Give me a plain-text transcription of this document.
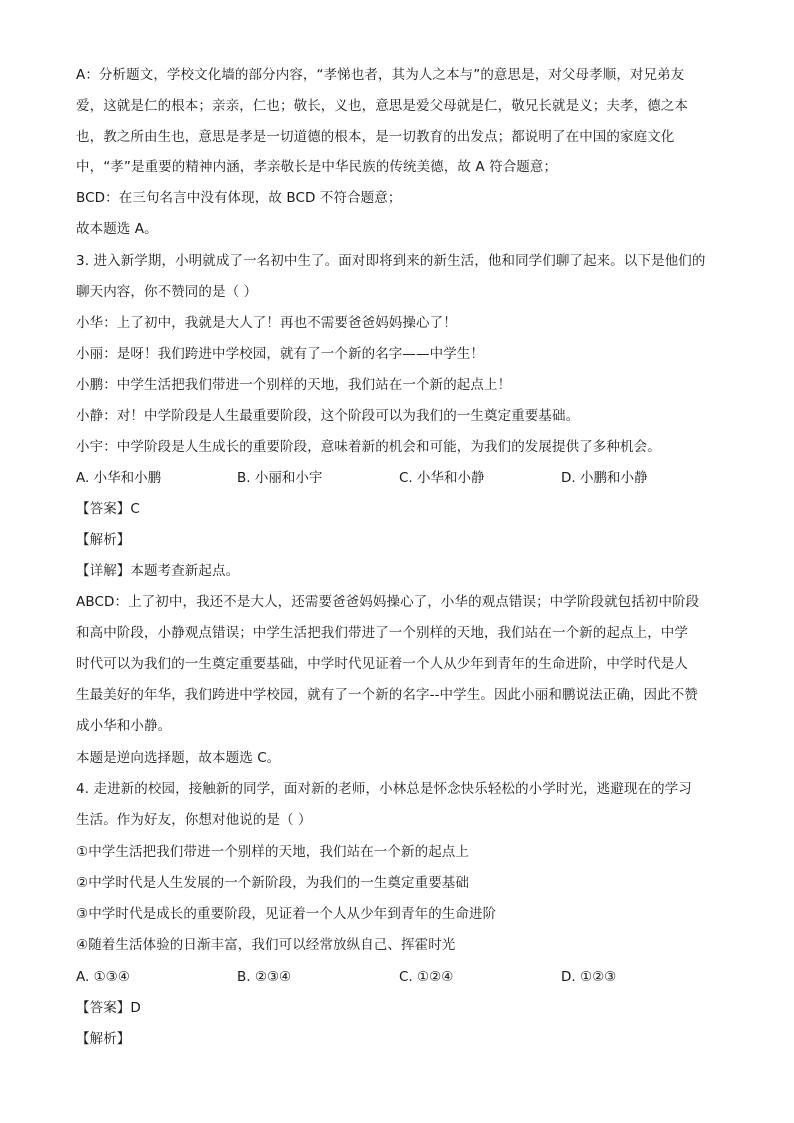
A：分析题文，学校文化墙的部分内容，“孝悌也者，其为人之本与”的意思是，对父母孝顺，对兄弟友
爱，这就是仁的根本；亲亲，仁也；敬长，义也，意思是爱父母就是仁，敬兄长就是义；夫孝，德之本
也，教之所由生也，意思是孝是一切道德的根本，是一切教育的出发点；都说明了在中国的家庭文化
中，“孝”是重要的精神内涵，孝亲敬长是中华民族的传统美德，故 A 符合题意；
BCD：在三句名言中没有体现，故 BCD 不符合题意；
故本题选 A。
3. 进入新学期，小明就成了一名初中生了。面对即将到来的新生活，他和同学们聊了起来。以下是他们的
聊天内容，你不赞同的是（ ）
小华：上了初中，我就是大人了！再也不需要爸爸妈妈操心了！
小丽：是呀！我们跨进中学校园，就有了一个新的名字——中学生！
小鹏：中学生活把我们带进一个别样的天地，我们站在一个新的起点上！
小静：对！中学阶段是人生最重要阶段，这个阶段可以为我们的一生奠定重要基础。
小宇：中学阶段是人生成长的重要阶段，意味着新的机会和可能，为我们的发展提供了多种机会。
A. 小华和小鹏	B. 小丽和小宇	C. 小华和小静	D. 小鹏和小静
【答案】C
【解析】
【详解】本题考查新起点。
ABCD：上了初中，我还不是大人，还需要爸爸妈妈操心了，小华的观点错误；中学阶段就包括初中阶段
和高中阶段，小静观点错误；中学生活把我们带进了一个别样的天地，我们站在一个新的起点上，中学
时代可以为我们的一生奠定重要基础，中学时代见证着一个人从少年到青年的生命进阶，中学时代是人
生最美好的年华，我们跨进中学校园，就有了一个新的名字--中学生。因此小丽和鹏说法正确，因此不赞
成小华和小静。
本题是逆向选择题，故本题选 C。
4. 走进新的校园，接触新的同学，面对新的老师，小林总是怀念快乐轻松的小学时光，逃避现在的学习
生活。作为好友，你想对他说的是（ ）
①中学生活把我们带进一个别样的天地，我们站在一个新的起点上
②中学时代是人生发展的一个新阶段，为我们的一生奠定重要基础
③中学时代是成长的重要阶段，见证着一个人从少年到青年的生命进阶
④随着生活体验的日渐丰富，我们可以经常放纵自己、挥霍时光
A. ①③④	B. ②③④	C. ①②④	D. ①②③
【答案】D
【解析】
